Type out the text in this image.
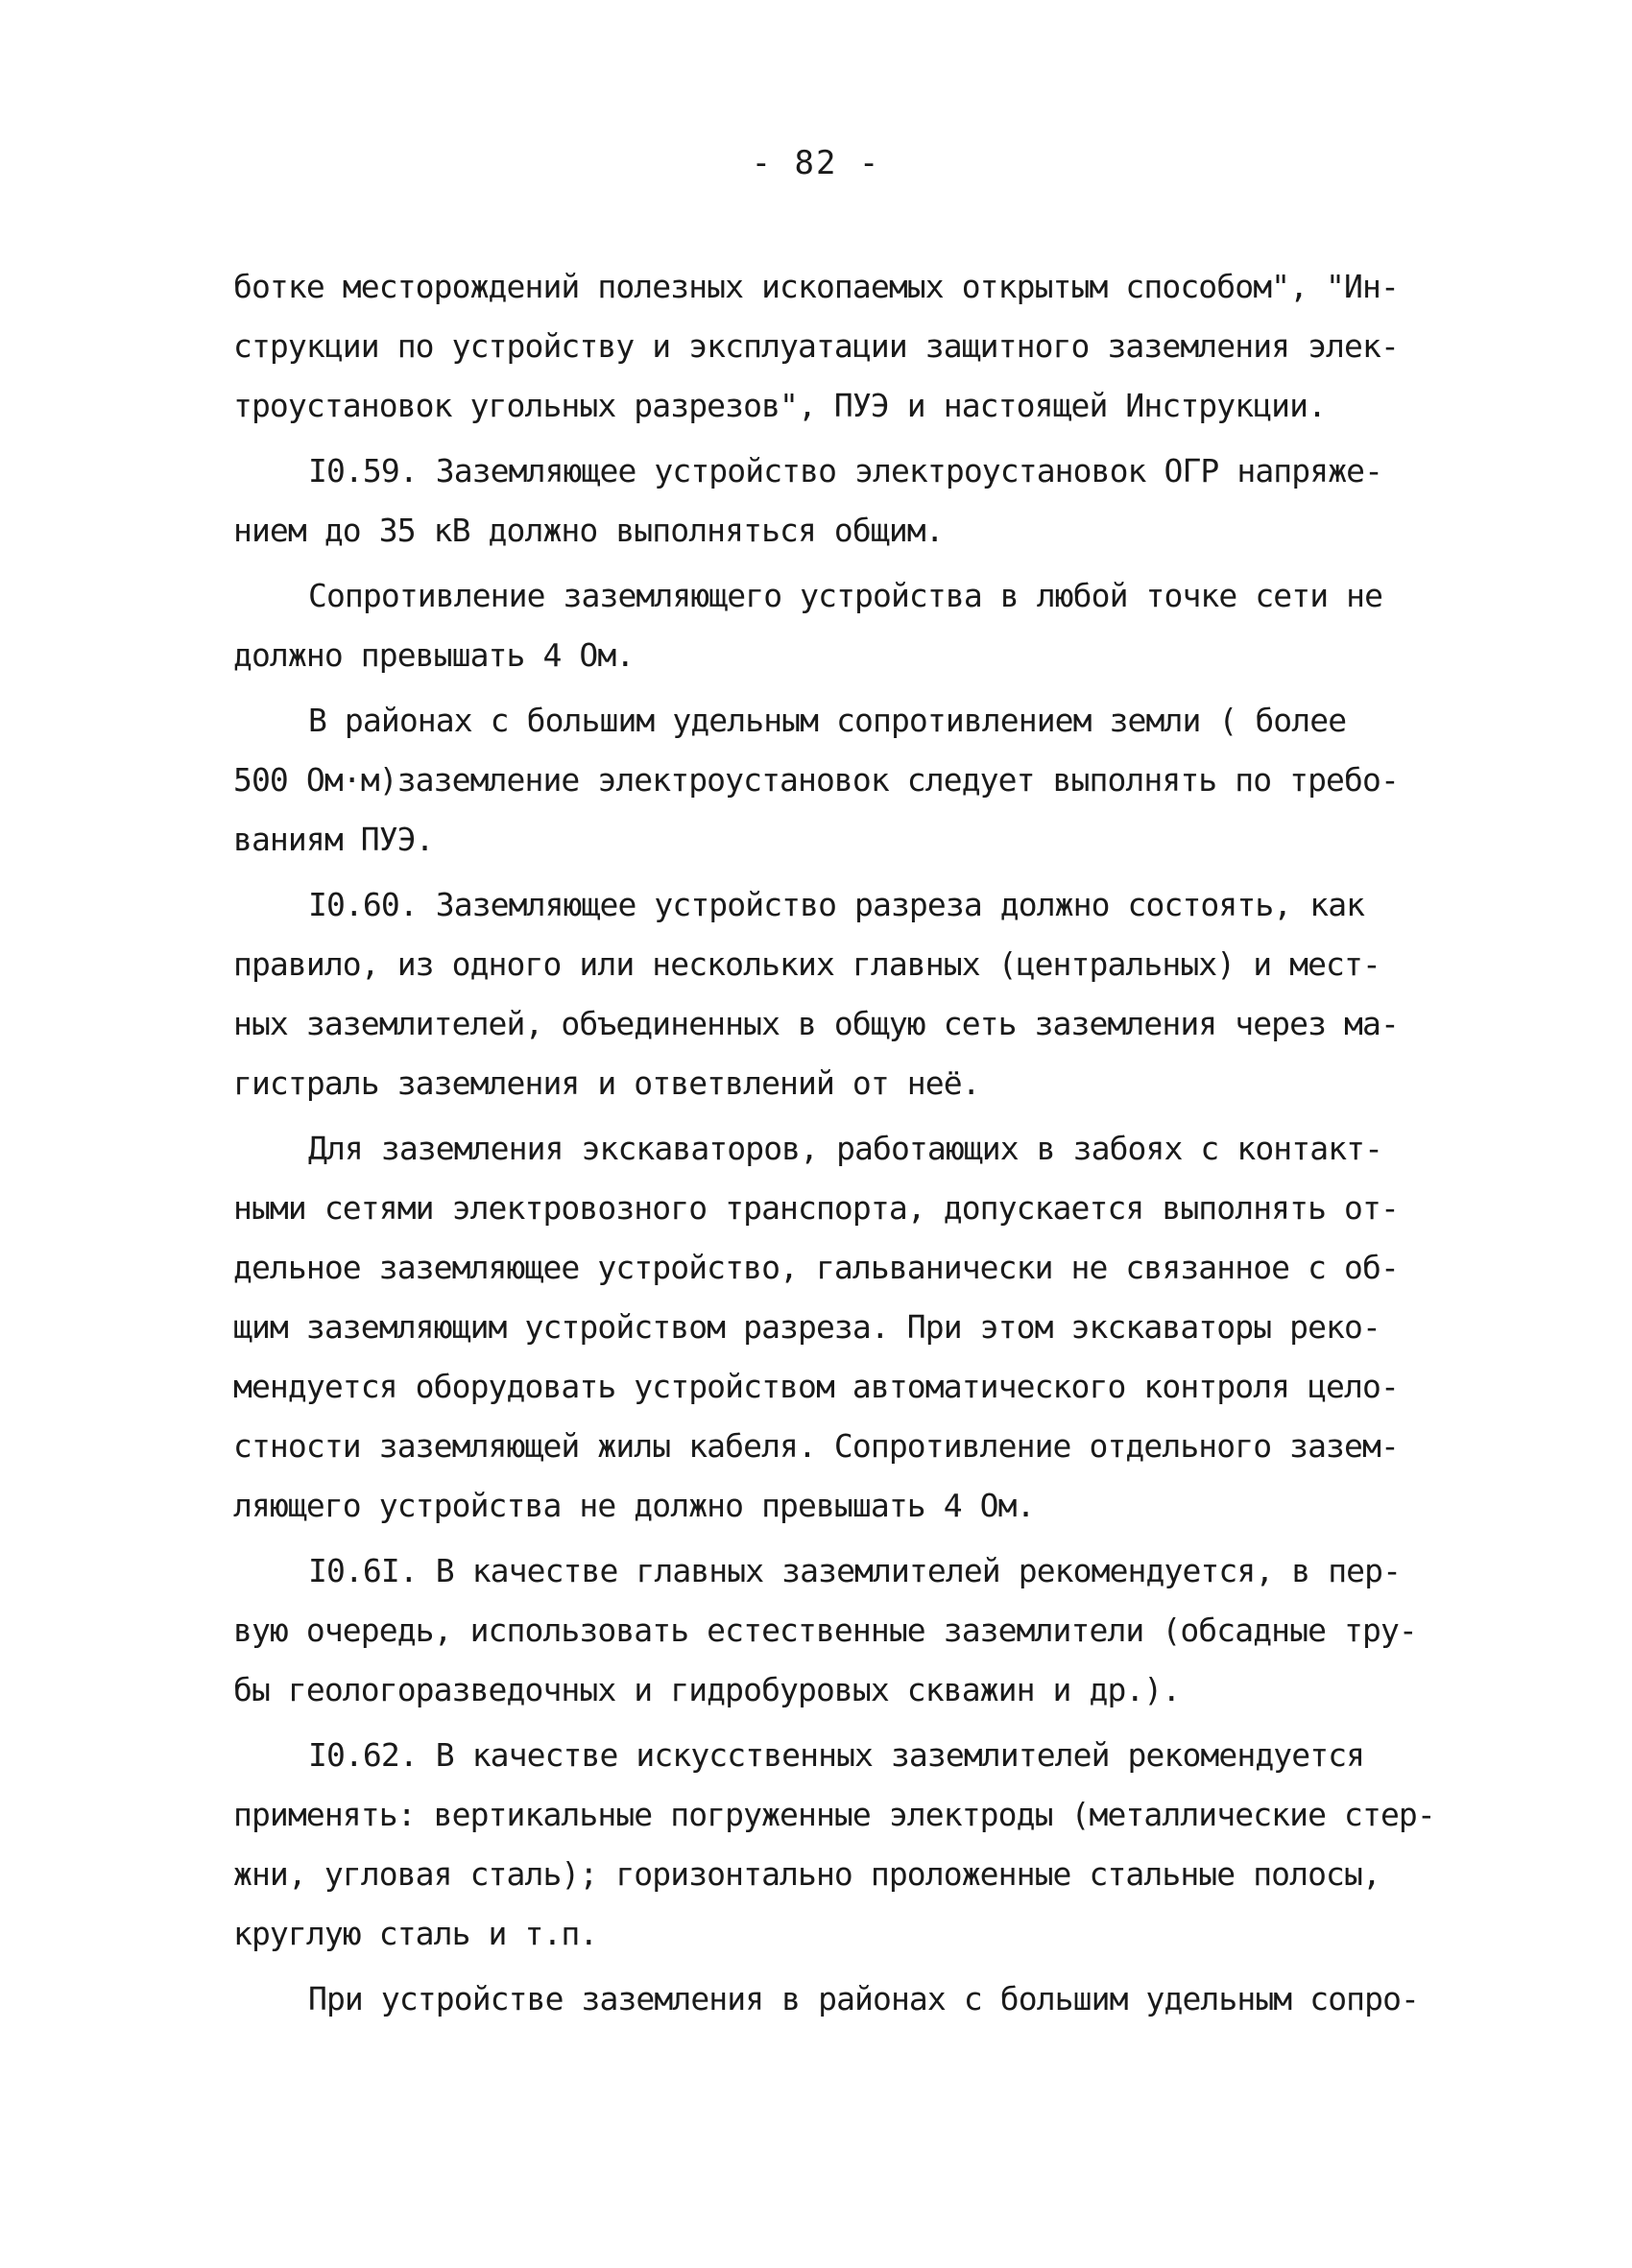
- 82 -
ботке месторождений полезных ископаемых открытым способом", "Ин-
струкции по устройству и эксплуатации защитного заземления элек-
троустановок угольных разрезов", ПУЭ и настоящей Инструкции.
I0.59. Заземляющее устройство электроустановок ОГР напряже-
нием до 35 кВ должно выполняться общим.
Сопротивление заземляющего устройства в любой точке сети не
должно превышать 4 Ом.
В районах с большим удельным сопротивлением земли ( более
500 Ом·м)заземление электроустановок следует выполнять по требо-
ваниям ПУЭ.
I0.60. Заземляющее устройство разреза должно состоять, как
правило, из одного или нескольких главных (центральных) и мест-
ных заземлителей, объединенных в общую сеть заземления через ма-
гистраль заземления и ответвлений от неё.
Для заземления экскаваторов, работающих в забоях с контакт-
ными сетями электровозного транспорта, допускается выполнять от-
дельное заземляющее устройство, гальванически не связанное с об-
щим заземляющим устройством разреза. При этом экскаваторы реко-
мендуется оборудовать устройством автоматического контроля цело-
стности заземляющей жилы кабеля. Сопротивление отдельного зазем-
ляющего устройства не должно превышать 4 Ом.
I0.6I. В качестве главных заземлителей рекомендуется, в пер-
вую очередь, использовать естественные заземлители (обсадные тру-
бы геологоразведочных и гидробуровых скважин и др.).
I0.62. В качестве искусственных заземлителей рекомендуется
применять: вертикальные погруженные электроды (металлические стер-
жни, угловая сталь); горизонтально проложенные стальные полосы,
круглую сталь и т.п.
При устройстве заземления в районах с большим удельным сопро-
